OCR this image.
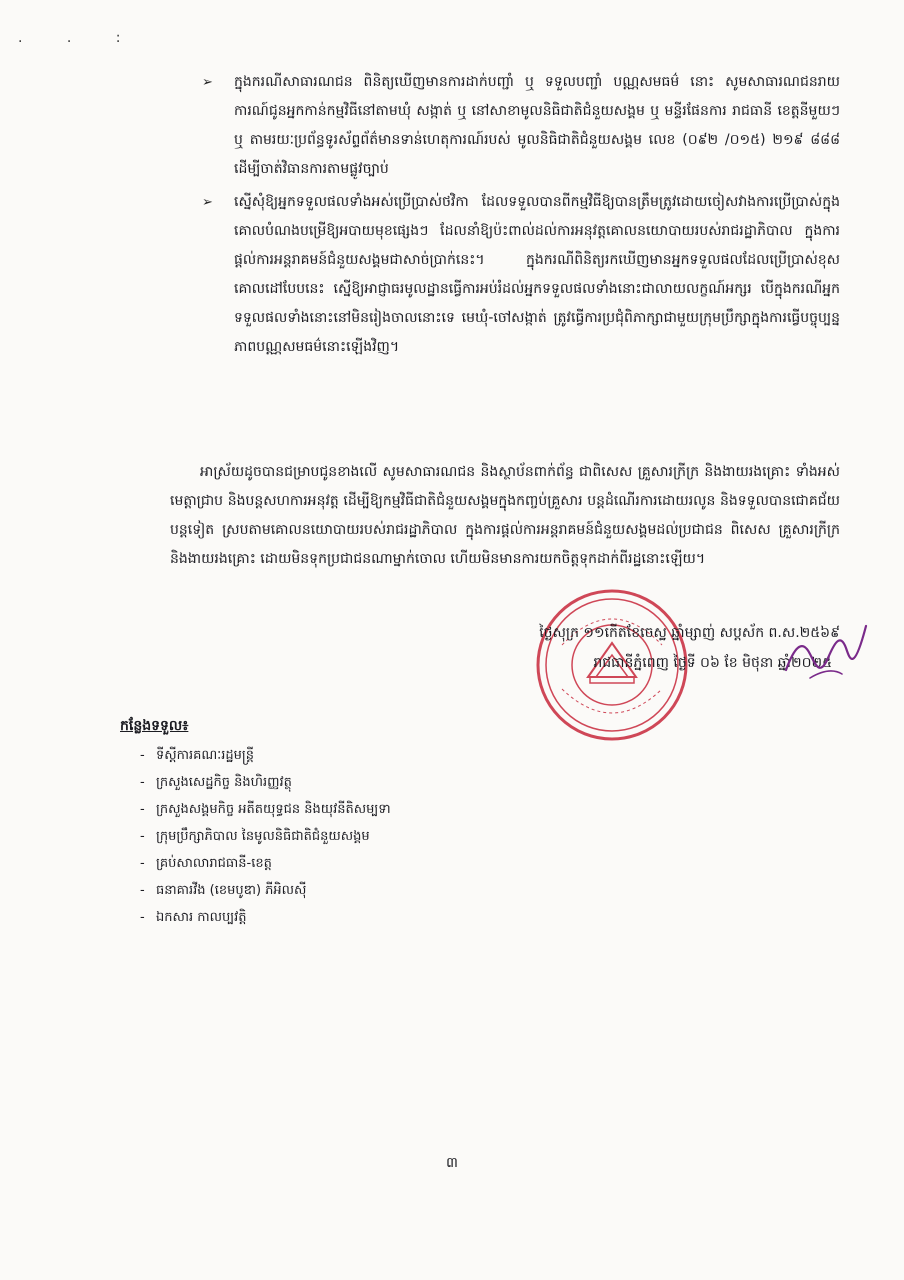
. . :
➢ ក្នុងករណីសាធារណជន ពិនិត្យឃើញមានការដាក់បញ្ជាំ ឬ ទទួលបញ្ជាំ បណ្ណសមធម៌ នោះ សូមសាធារណជនរាយការណ៍ជូនអ្នកកាន់កម្មវិធីនៅតាមឃុំ សង្កាត់ ឬ នៅសាខាមូលនិធិជាតិជំនួយសង្គម ឬ មន្ទីរផែនការ រាជធានី ខេត្តនីមួយៗ ឬ តាមរយៈប្រព័ន្ធទូរស័ព្ទព័ត៌មានទាន់ហេតុការណ៍របស់ មូលនិធិជាតិជំនួយសង្គម លេខ (០៩២ /០១៥) ២១៩ ៨៨៨ ដើម្បីចាត់វិធានការតាមផ្លូវច្បាប់
➢ ស្នើសុំឱ្យអ្នកទទួលផលទាំងអស់ប្រើប្រាស់ថវិកា ដែលទទួលបានពីកម្មវិធីឱ្យបានត្រឹមត្រូវដោយចៀសវាងការប្រើប្រាស់ក្នុងគោលបំណងបម្រើឱ្យអបាយមុខផ្សេងៗ ដែលនាំឱ្យប៉ះពាល់ដល់ការអនុវត្តគោលនយោបាយរបស់រាជរដ្ឋាភិបាល ក្នុងការផ្តល់ការអន្តរាគមន៍ជំនួយសង្គមជាសាច់ប្រាក់នេះ។ ក្នុងករណីពិនិត្យរកឃើញមានអ្នកទទួលផលដែលប្រើប្រាស់ខុសគោលដៅបែបនេះ ស្នើឱ្យអាជ្ញាធរមូលដ្ឋានធ្វើការអប់រំដល់អ្នកទទួលផលទាំងនោះជាលាយលក្ខណ៍អក្សរ បើក្នុងករណីអ្នកទទួលផលទាំងនោះនៅមិនរៀងចាលនោះទេ មេឃុំ-ចៅសង្កាត់ ត្រូវធ្វើការប្រជុំពិភាក្សាជាមួយក្រុមប្រឹក្សាក្នុងការធ្វើបច្ចុប្បន្នភាពបណ្ណសមធម៌នោះឡើងវិញ។
អាស្រ័យដូចបានជម្រាបជូនខាងលើ សូមសាធារណជន និងស្ថាប័នពាក់ព័ន្ធ ជាពិសេស គ្រួសារក្រីក្រ និងងាយរងគ្រោះ ទាំងអស់មេត្តាជ្រាប និងបន្តសហការអនុវត្ត ដើម្បីឱ្យកម្មវិធីជាតិជំនួយសង្គមក្នុងកញ្ចប់គ្រួសារ បន្តដំណើរការដោយរលូន និងទទួលបានជោគជ័យបន្តទៀត ស្របតាមគោលនយោបាយរបស់រាជរដ្ឋាភិបាល ក្នុងការផ្តល់ការអន្តរាគមន៍ជំនួយសង្គមដល់ប្រជាជន ពិសេស គ្រួសារក្រីក្រ និងងាយរងគ្រោះ ដោយមិនទុកប្រជាជនណាម្នាក់ចោល ហើយមិនមានការយកចិត្តទុកដាក់ពីរដ្ឋនោះឡើយ។
ថ្ងៃសុក្រ ១១កើតខែចេស្ឋ ឆ្នាំម្សាញ់ សប្តស័ក ព.ស.២៥៦៩
រាជធានីភ្នំពេញ ថ្ងៃទី ០៦ ខែ មិថុនា ឆ្នាំ២០២៥
កន្លែងទទួល៖
- ទីស្តីការគណៈរដ្ឋមន្ត្រី
- ក្រសួងសេដ្ឋកិច្ច និងហិរញ្ញវត្ថុ
- ក្រសួងសង្គមកិច្ច អតីតយុទ្ធជន និងយុវនីតិសម្បទា
- ក្រុមប្រឹក្សាភិបាល នៃមូលនិធិជាតិជំនួយសង្គម
- គ្រប់សាលារាជធានី-ខេត្ត
- ធនាគារវីង (ខេមបូឌា) ភីអិលស៊ី
- ឯកសារ កាលប្បវត្តិ
៣
